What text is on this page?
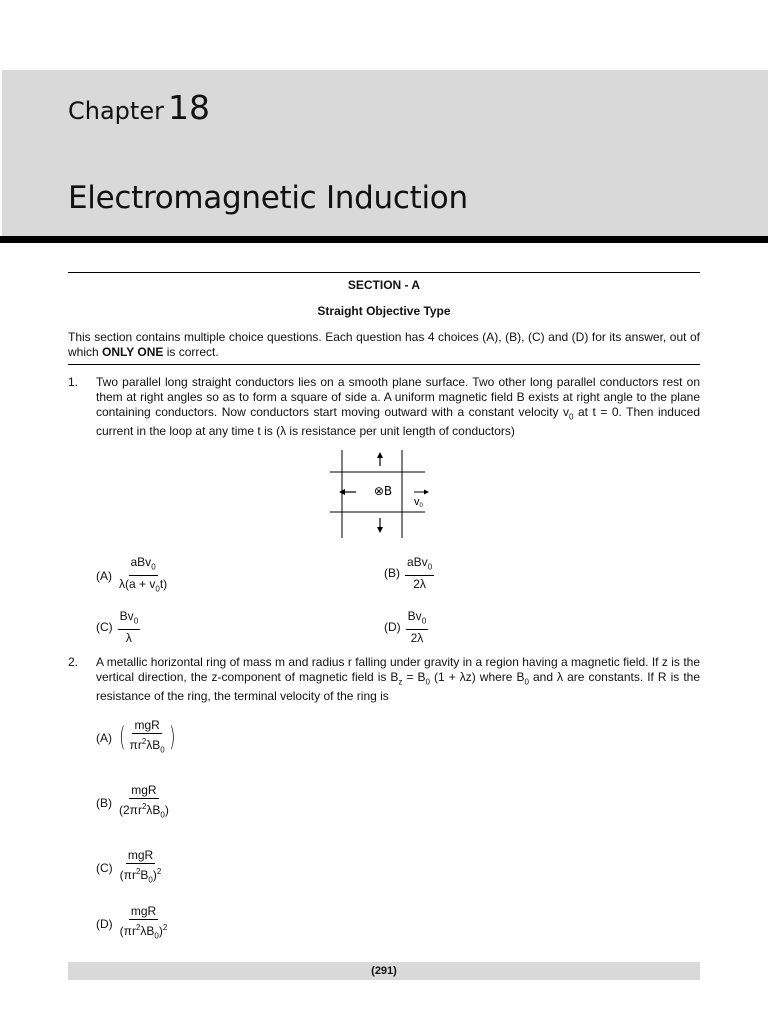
Chapter 18
Electromagnetic Induction
SECTION - A
Straight Objective Type
This section contains multiple choice questions. Each question has 4 choices (A), (B), (C) and (D) for its answer, out of which ONLY ONE is correct.
1. Two parallel long straight conductors lies on a smooth plane surface. Two other long parallel conductors rest on them at right angles so as to form a square of side a. A uniform magnetic field B exists at right angle to the plane containing conductors. Now conductors start moving outward with a constant velocity $v_0$ at t = 0. Then induced current in the loop at any time t is (λ is resistance per unit length of conductors)
⊗B
v0
$(A) \frac{aBv_0}{\lambda(a + v_0t)}$	$(B) \frac{aBv_0}{2\lambda}$
$(C) \frac{Bv_0}{\lambda}$	$(D) \frac{Bv_0}{2\lambda}$
2. A metallic horizontal ring of mass m and radius r falling under gravity in a region having a magnetic field. If z is the vertical direction, the z-component of magnetic field is $B_z = B_0$ (1 + λz) where $B_0$ and λ are constants. If R is the resistance of the ring, the terminal velocity of the ring is
(A) ( $\frac{\text{mgR}}{\pi r^2\lambda B_0}$ )
$(B) \frac{\text{mgR}}{(2\pi r^2\lambda B_0)}$
$(C) \frac{\text{mgR}}{(\pi r^2B_0)^2}$
$(D) \frac{\text{mgR}}{(\pi r^2\lambda B_0)^2}$
(291)
